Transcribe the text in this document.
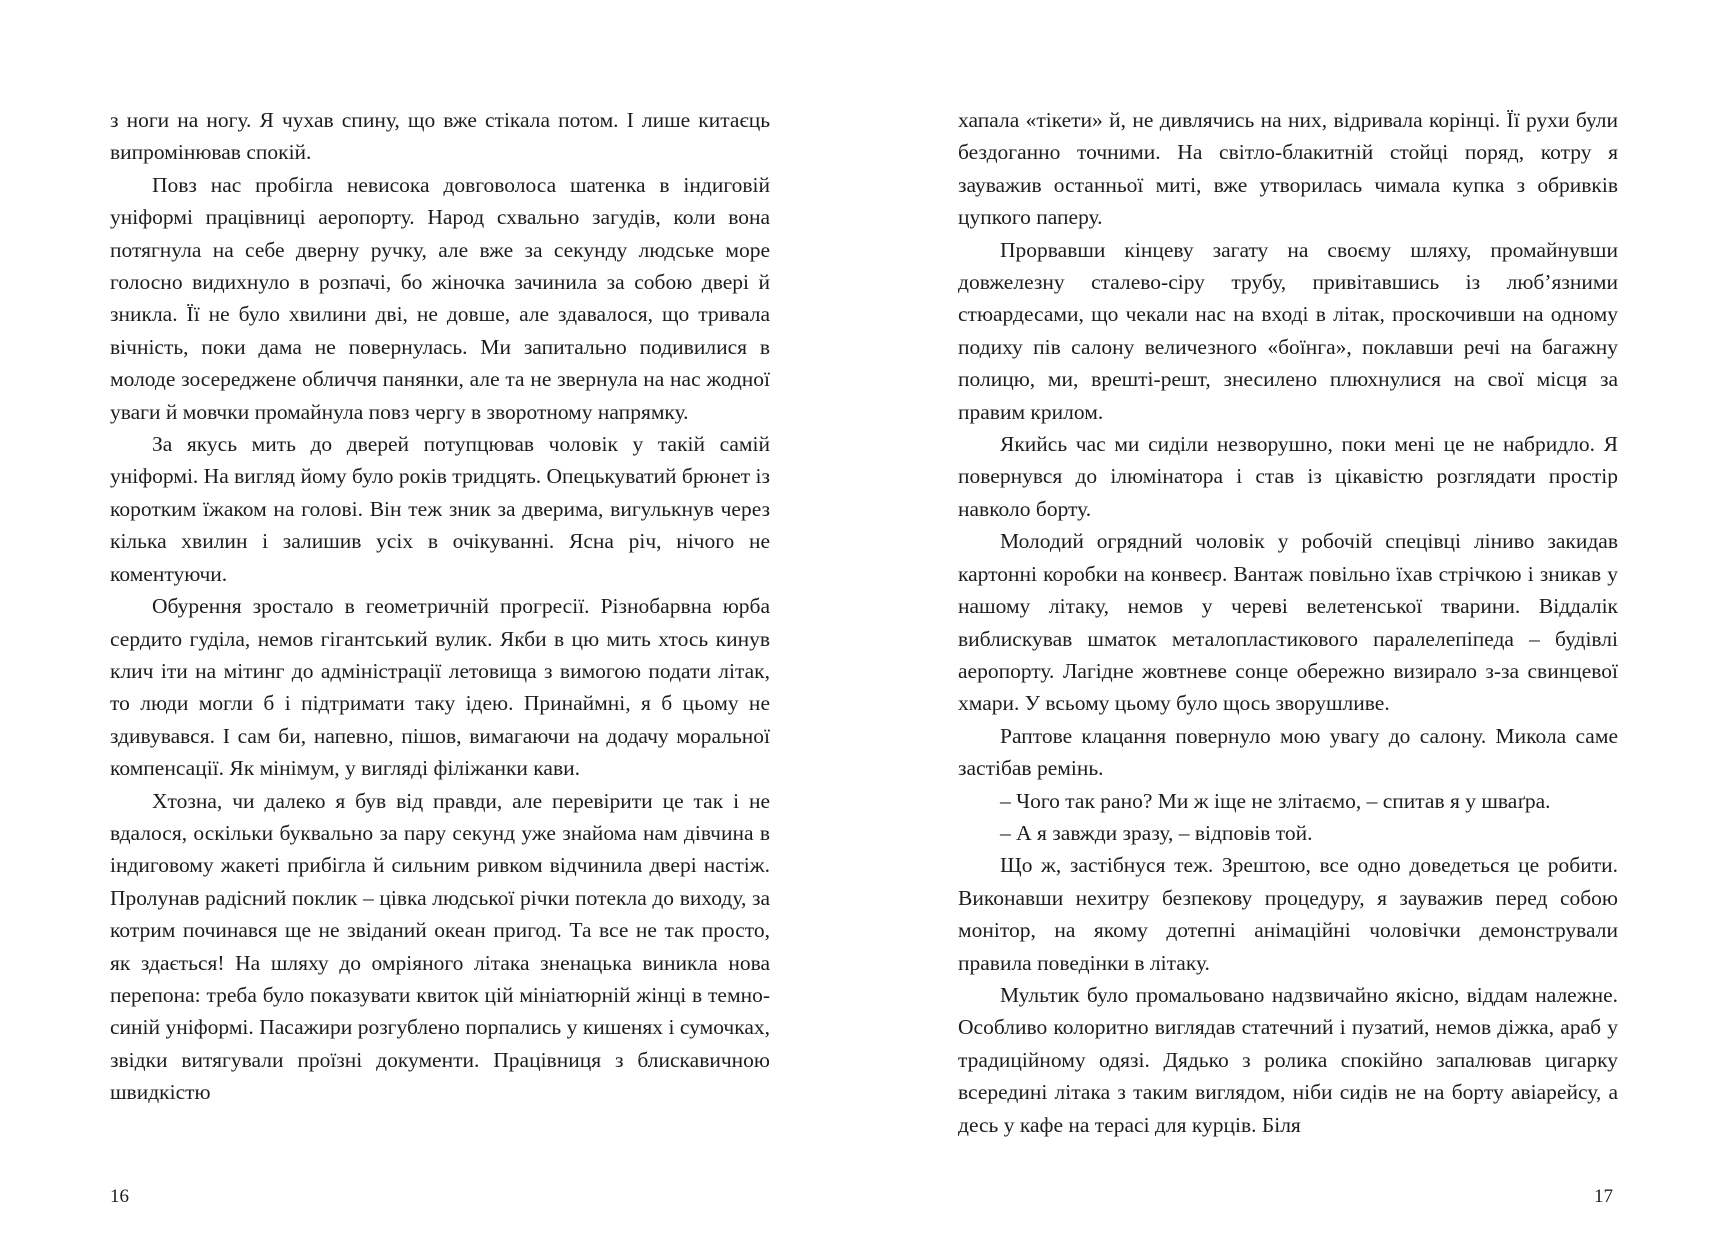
з ноги на ногу. Я чухав спину, що вже стікала потом. І лише китаєць випромінював спокій.

Повз нас пробігла невисока довговолоса шатенка в індиговій уніформі працівниці аеропорту. Народ схвально загудів, коли вона потягнула на себе дверну ручку, але вже за секунду людське море голосно видихнуло в розпачі, бо жіночка зачинила за собою двері й зникла. Її не було хвилини дві, не довше, але здавалося, що тривала вічність, поки дама не повернулась. Ми запитально подивилися в молоде зосереджене обличчя панянки, але та не звернула на нас жодної уваги й мовчки промайнула повз чергу в зворотному напрямку.

За якусь мить до дверей потупцював чоловік у такій самій уніформі. На вигляд йому було років тридцять. Опецькуватий брюнет із коротким їжаком на голові. Він теж зник за дверима, вигулькнув через кілька хвилин і залишив усіх в очікуванні. Ясна річ, нічого не коментуючи.

Обурення зростало в геометричній прогресії. Різнобарвна юрба сердито гуділа, немов гігантський вулик. Якби в цю мить хтось кинув клич іти на мітинг до адміністрації летовища з вимогою подати літак, то люди могли б і підтримати таку ідею. Принаймні, я б цьому не здивувався. І сам би, напевно, пішов, вимагаючи на додачу моральної компенсації. Як мінімум, у вигляді філіжанки кави.

Хтозна, чи далеко я був від правди, але перевірити це так і не вдалося, оскільки буквально за пару секунд уже знайома нам дівчина в індиговому жакеті прибігла й сильним ривком відчинила двері настіж. Пролунав радісний поклик – цівка людської річки потекла до виходу, за котрим починався ще не звіданий океан пригод. Та все не так просто, як здається! На шляху до омріяного літака зненацька виникла нова перепона: треба було показувати квиток цій мініатюрній жінці в темно-синій уніформі. Пасажири розгублено порпались у кишенях і сумочках, звідки витягували проїзні документи. Працівниця з блискавичною швидкістю

16

хапала «тікети» й, не дивлячись на них, відривала корінці. Її рухи були бездоганно точними. На світло-блакитній стойці поряд, котру я зауважив останньої миті, вже утворилась чимала купка з обривків цупкого паперу.

Прорвавши кінцеву загату на своєму шляху, промайнувши довжелезну сталево-сіру трубу, привітавшись із люб’язними стюардесами, що чекали нас на вході в літак, проскочивши на одному подиху пів салону величезного «боїнга», поклавши речі на багажну полицю, ми, врешті-решт, знесилено плюхнулися на свої місця за правим крилом.

Якийсь час ми сиділи незворушно, поки мені це не набридло. Я повернувся до ілюмінатора і став із цікавістю розглядати простір навколо борту.

Молодий огрядний чоловік у робочій спецівці ліниво закидав картонні коробки на конвеєр. Вантаж повільно їхав стрічкою і зникав у нашому літаку, немов у череві велетенської тварини. Віддалік виблискував шматок металопластикового паралелепіпеда – будівлі аеропорту. Лагідне жовтневе сонце обережно визирало з-за свинцевої хмари. У всьому цьому було щось зворушливе.

Раптове клацання повернуло мою увагу до салону. Микола саме застібав ремінь.

– Чого так рано? Ми ж іще не злітаємо, – спитав я у шваґра.

– А я завжди зразу, – відповів той.

Що ж, застібнуся теж. Зрештою, все одно доведеться це робити. Виконавши нехитру безпекову процедуру, я зауважив перед собою монітор, на якому дотепні анімаційні чоловічки демонстрували правила поведінки в літаку.

Мультик було промальовано надзвичайно якісно, віддам належне. Особливо колоритно виглядав статечний і пузатий, немов діжка, араб у традиційному одязі. Дядько з ролика спокійно запалював цигарку всередині літака з таким виглядом, ніби сидів не на борту авіарейсу, а десь у кафе на терасі для курців. Біля

17
